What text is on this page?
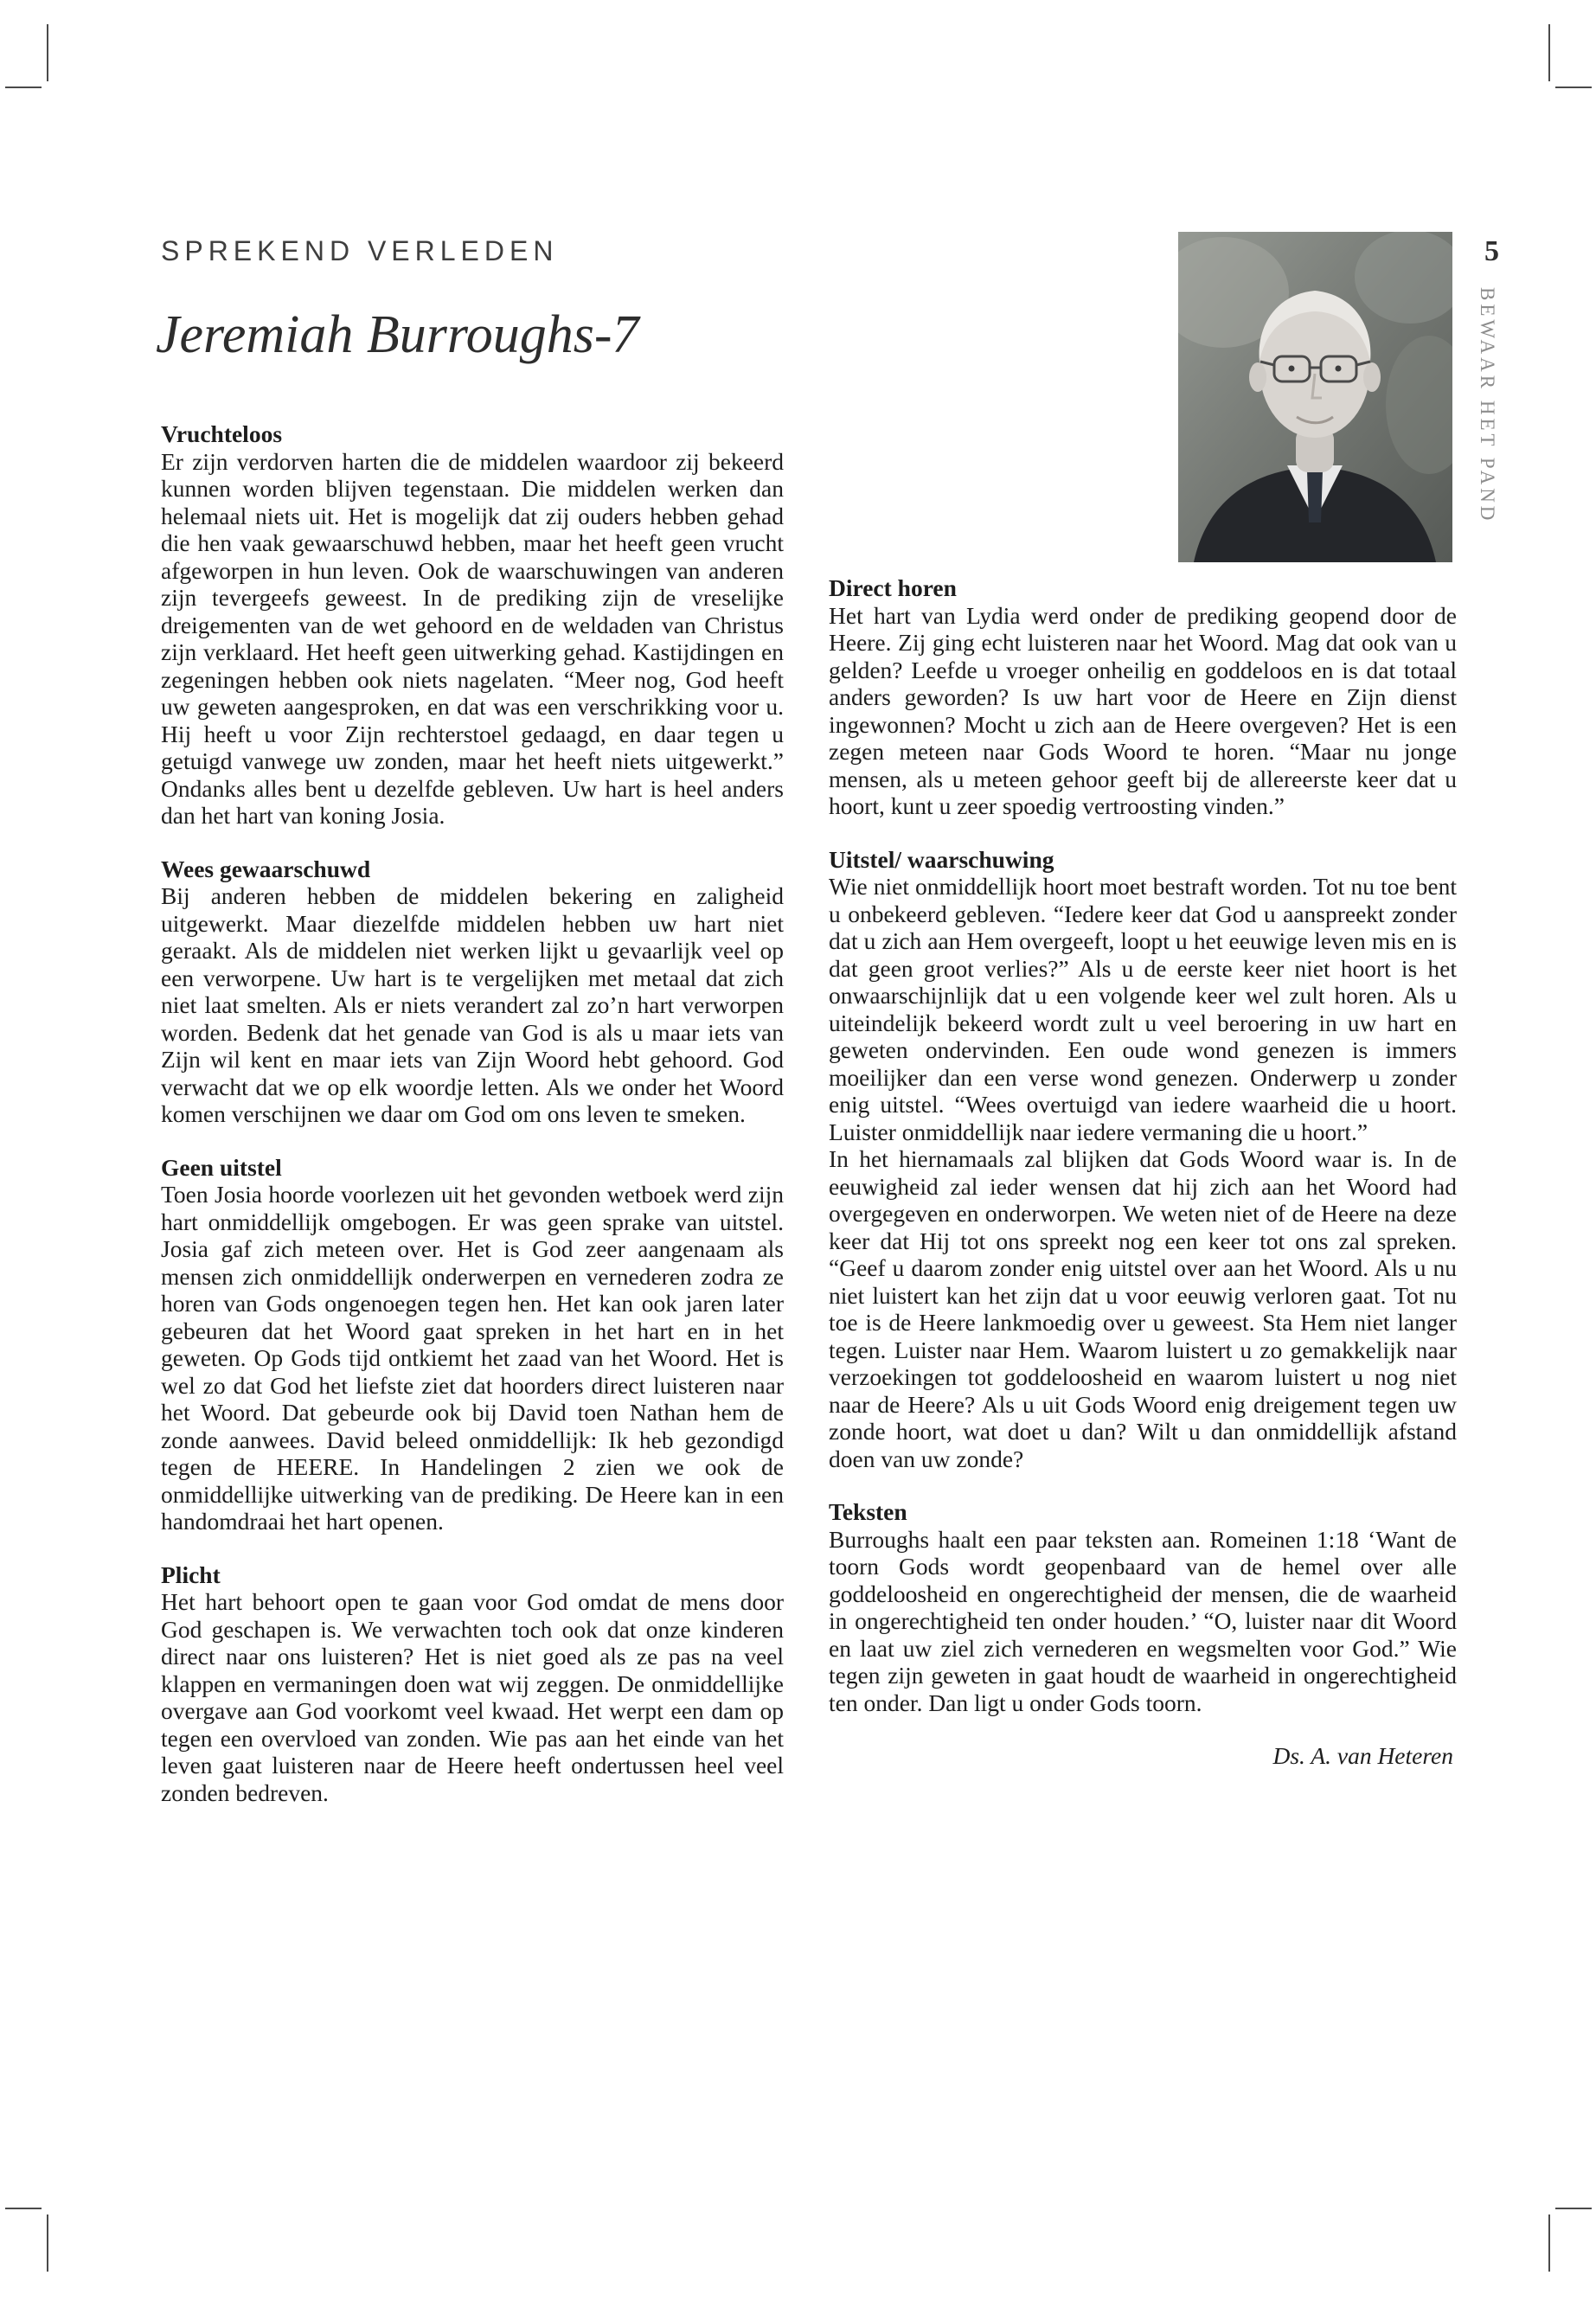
SPREKEND VERLEDEN
Jeremiah Burroughs-7
5
BEWAAR HET PAND
Vruchteloos

Er zijn verdorven harten die de middelen waardoor zij bekeerd kunnen worden blijven tegenstaan. Die middelen werken dan helemaal niets uit. Het is mogelijk dat zij ouders hebben gehad die hen vaak gewaarschuwd hebben, maar het heeft geen vrucht afgeworpen in hun leven. Ook de waarschuwingen van anderen zijn tevergeefs geweest. In de prediking zijn de vreselijke dreigementen van de wet gehoord en de weldaden van Christus zijn verklaard. Het heeft geen uitwerking gehad. Kastijdingen en zegeningen hebben ook niets nagelaten. “Meer nog, God heeft uw geweten aangesproken, en dat was een verschrikking voor u. Hij heeft u voor Zijn rechterstoel gedaagd, en daar tegen u getuigd vanwege uw zonden, maar het heeft niets uitgewerkt.” Ondanks alles bent u dezelfde gebleven. Uw hart is heel anders dan het hart van koning Josia.

Wees gewaarschuwd

Bij anderen hebben de middelen bekering en zaligheid uitgewerkt. Maar diezelfde middelen hebben uw hart niet geraakt. Als de middelen niet werken lijkt u gevaarlijk veel op een verworpene. Uw hart is te vergelijken met metaal dat zich niet laat smelten. Als er niets verandert zal zo’n hart verworpen worden. Bedenk dat het genade van God is als u maar iets van Zijn wil kent en maar iets van Zijn Woord hebt gehoord. God verwacht dat we op elk woordje letten. Als we onder het Woord komen verschijnen we daar om God om ons leven te smeken.

Geen uitstel

Toen Josia hoorde voorlezen uit het gevonden wetboek werd zijn hart onmiddellijk omgebogen. Er was geen sprake van uitstel. Josia gaf zich meteen over. Het is God zeer aangenaam als mensen zich onmiddellijk onderwerpen en vernederen zodra ze horen van Gods ongenoegen tegen hen. Het kan ook jaren later gebeuren dat het Woord gaat spreken in het hart en in het geweten. Op Gods tijd ontkiemt het zaad van het Woord. Het is wel zo dat God het liefste ziet dat hoorders direct luisteren naar het Woord. Dat gebeurde ook bij David toen Nathan hem de zonde aanwees. David beleed onmiddellijk: Ik heb gezondigd tegen de HEERE. In Handelingen 2 zien we ook de onmiddellijke uitwerking van de prediking. De Heere kan in een handomdraai het hart openen.

Plicht

Het hart behoort open te gaan voor God omdat de mens door God geschapen is. We verwachten toch ook dat onze kinderen direct naar ons luisteren? Het is niet goed als ze pas na veel klappen en vermaningen doen wat wij zeggen. De onmiddellijke overgave aan God voorkomt veel kwaad. Het werpt een dam op tegen een overvloed van zonden. Wie pas aan het einde van het leven gaat luisteren naar de Heere heeft ondertussen heel veel zonden bedreven.

Direct horen

Het hart van Lydia werd onder de prediking geopend door de Heere. Zij ging echt luisteren naar het Woord. Mag dat ook van u gelden? Leefde u vroeger onheilig en goddeloos en is dat totaal anders geworden? Is uw hart voor de Heere en Zijn dienst ingewonnen? Mocht u zich aan de Heere overgeven? Het is een zegen meteen naar Gods Woord te horen. “Maar nu jonge mensen, als u meteen gehoor geeft bij de allereerste keer dat u hoort, kunt u zeer spoedig vertroosting vinden.”

Uitstel/ waarschuwing

Wie niet onmiddellijk hoort moet bestraft worden. Tot nu toe bent u onbekeerd gebleven. “Iedere keer dat God u aanspreekt zonder dat u zich aan Hem overgeeft, loopt u het eeuwige leven mis en is dat geen groot verlies?” Als u de eerste keer niet hoort is het onwaarschijnlijk dat u een volgende keer wel zult horen. Als u uiteindelijk bekeerd wordt zult u veel beroering in uw hart en geweten ondervinden. Een oude wond genezen is immers moeilijker dan een verse wond genezen. Onderwerp u zonder enig uitstel. “Wees overtuigd van iedere waarheid die u hoort. Luister onmiddellijk naar iedere vermaning die u hoort.”

In het hiernamaals zal blijken dat Gods Woord waar is. In de eeuwigheid zal ieder wensen dat hij zich aan het Woord had overgegeven en onderworpen. We weten niet of de Heere na deze keer dat Hij tot ons spreekt nog een keer tot ons zal spreken. “Geef u daarom zonder enig uitstel over aan het Woord. Als u nu niet luistert kan het zijn dat u voor eeuwig verloren gaat. Tot nu toe is de Heere lankmoedig over u geweest. Sta Hem niet langer tegen. Luister naar Hem. Waarom luistert u zo gemakkelijk naar verzoekingen tot goddeloosheid en waarom luistert u nog niet naar de Heere? Als u uit Gods Woord enig dreigement tegen uw zonde hoort, wat doet u dan? Wilt u dan onmiddellijk afstand doen van uw zonde?

Teksten

Burroughs haalt een paar teksten aan. Romeinen 1:18 ‘Want de toorn Gods wordt geopenbaard van de hemel over alle goddeloosheid en ongerechtigheid der mensen, die de waarheid in ongerechtigheid ten onder houden.’ “O, luister naar dit Woord en laat uw ziel zich vernederen en wegsmelten voor God.” Wie tegen zijn geweten in gaat houdt de waarheid in ongerechtigheid ten onder. Dan ligt u onder Gods toorn.

Ds. A. van Heteren
